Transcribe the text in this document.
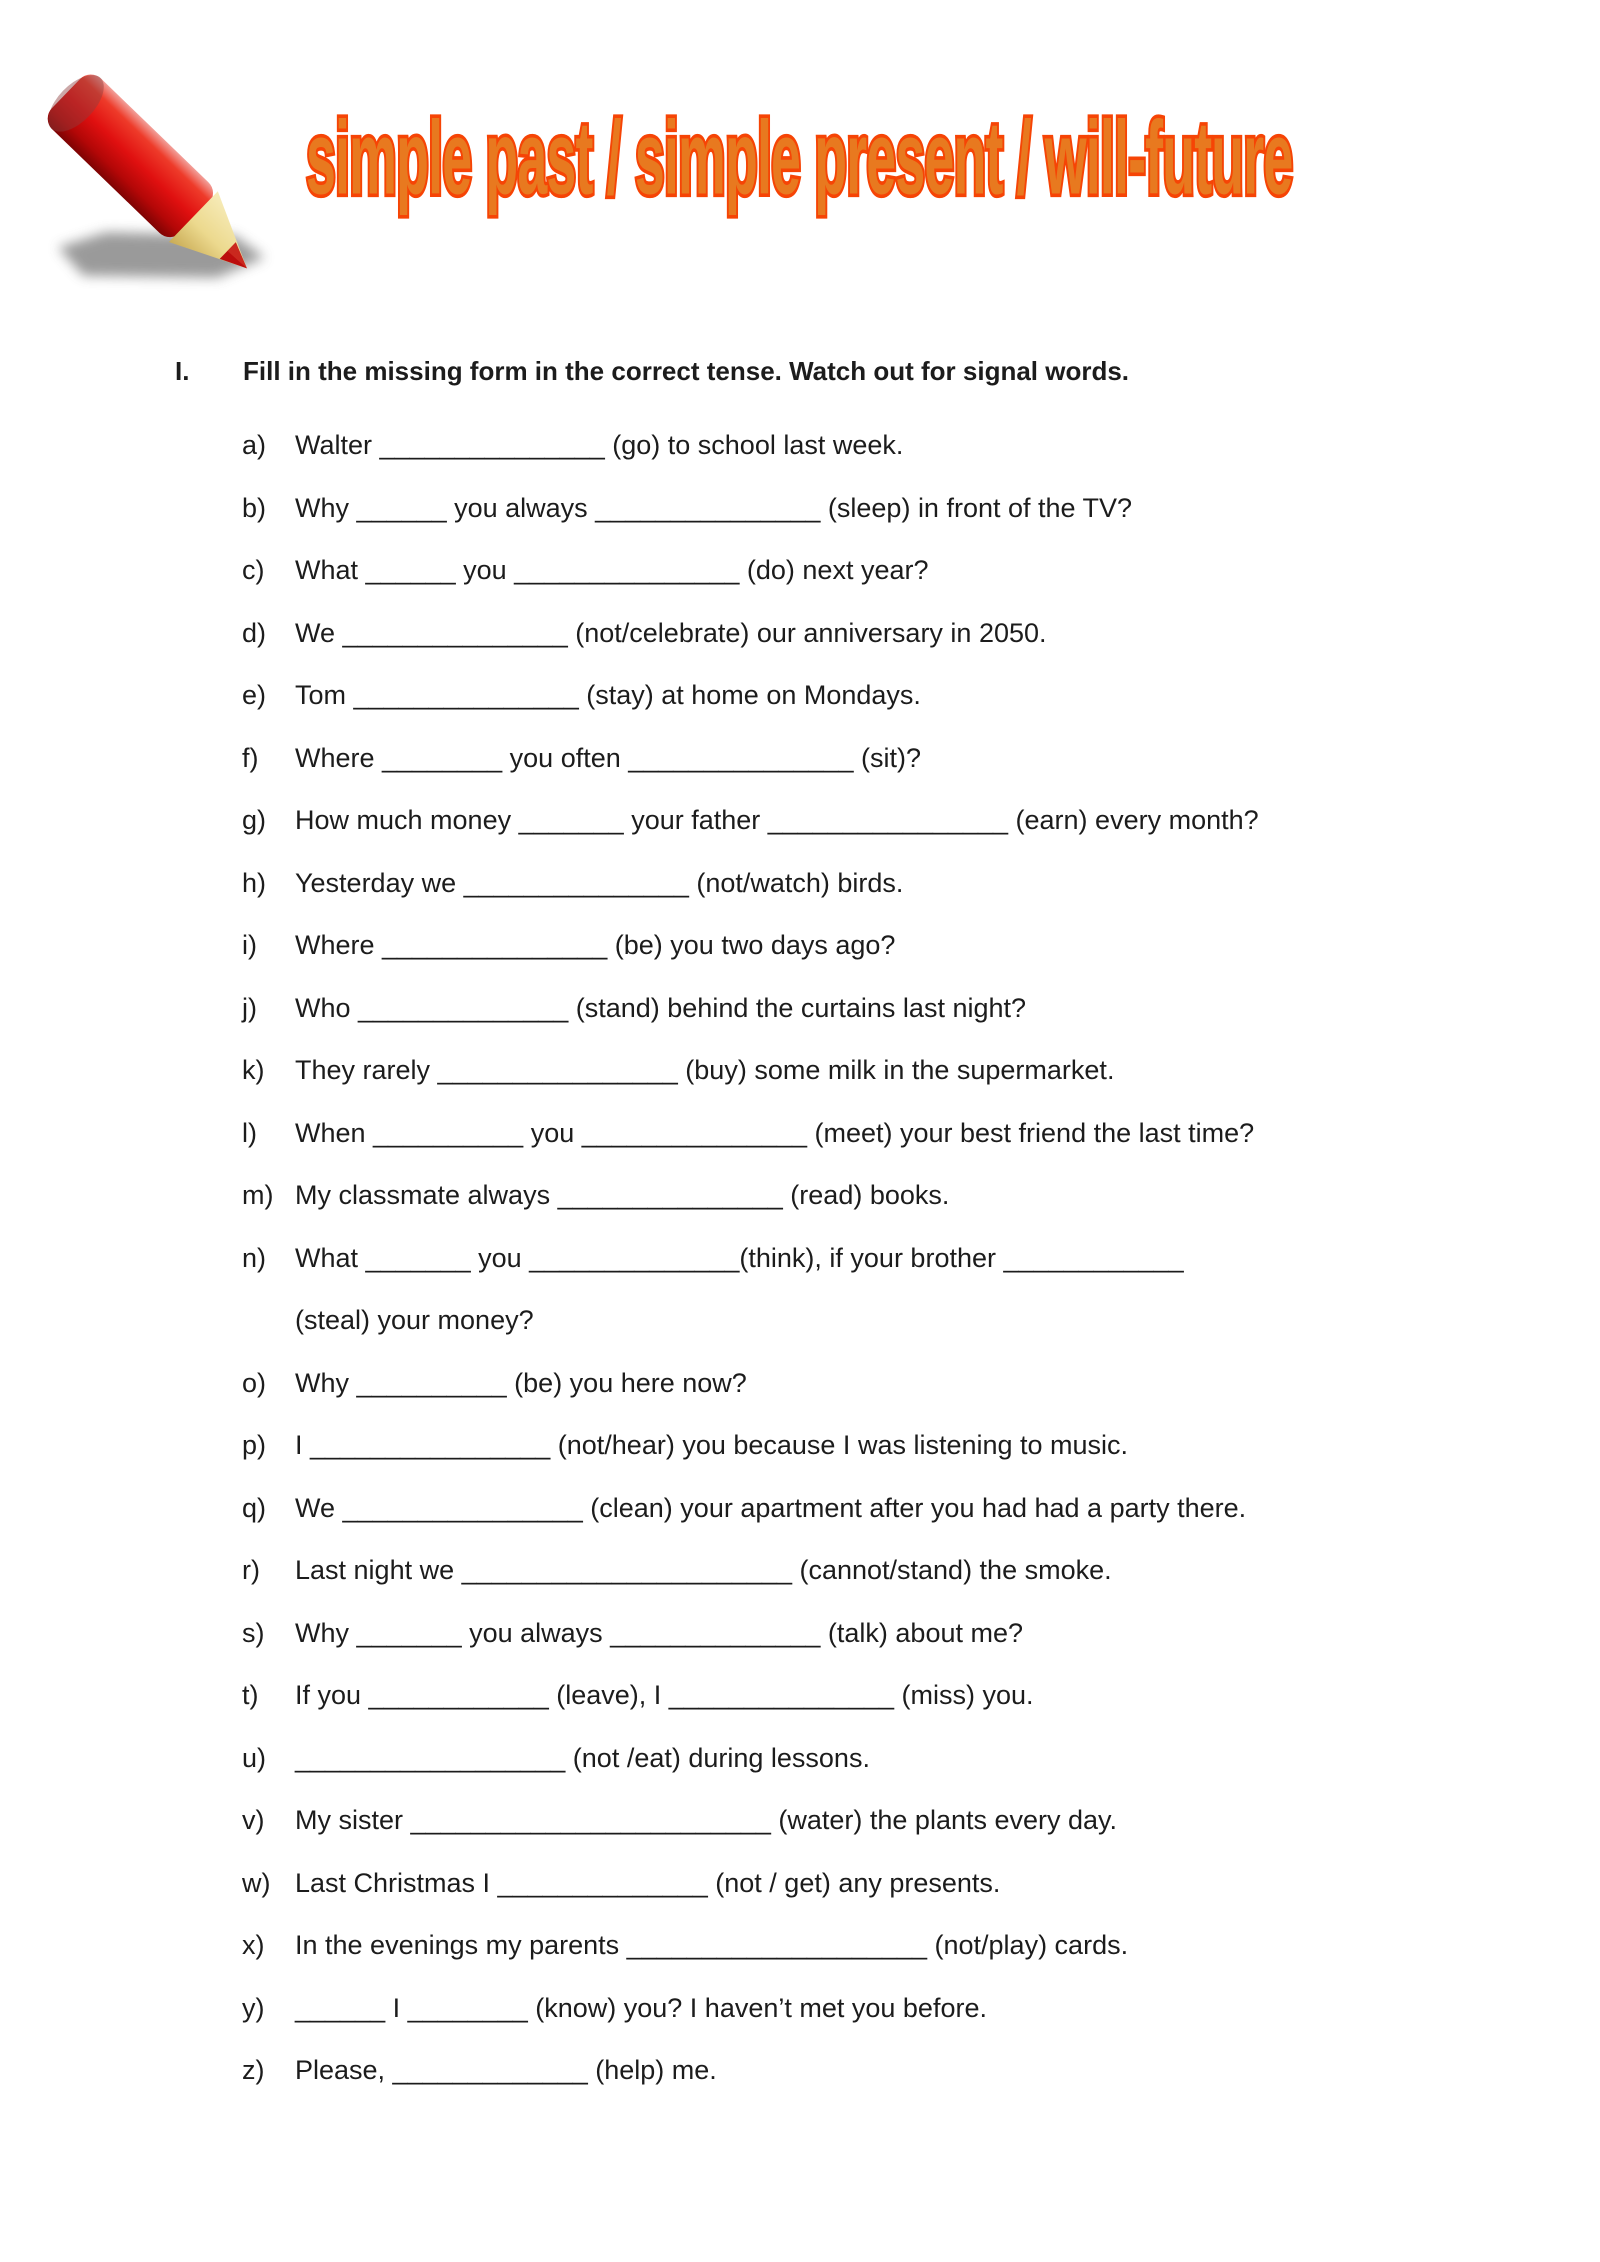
simple past / simple present / will-future
I. Fill in the missing form in the correct tense. Watch out for signal words.
a) Walter _______________ (go) to school last week.
b) Why ______ you always _______________ (sleep) in front of the TV?
c) What ______ you _______________ (do) next year?
d) We _______________ (not/celebrate) our anniversary in 2050.
e) Tom _______________ (stay) at home on Mondays.
f) Where ________ you often _______________ (sit)?
g) How much money _______ your father ________________ (earn) every month?
h) Yesterday we _______________ (not/watch) birds.
i) Where _______________ (be) you two days ago?
j) Who ______________ (stand) behind the curtains last night?
k) They rarely ________________ (buy) some milk in the supermarket.
l) When __________ you _______________ (meet) your best friend the last time?
m) My classmate always _______________ (read) books.
n) What _______ you ______________(think), if your brother ____________
(steal) your money?
o) Why __________ (be) you here now?
p) I ________________ (not/hear) you because I was listening to music.
q) We ________________ (clean) your apartment after you had had a party there.
r) Last night we ______________________ (cannot/stand) the smoke.
s) Why _______ you always ______________ (talk) about me?
t) If you ____________ (leave), I _______________ (miss) you.
u) __________________ (not /eat) during lessons.
v) My sister ________________________ (water) the plants every day.
w) Last Christmas I ______________ (not / get) any presents.
x) In the evenings my parents ____________________ (not/play) cards.
y) ______ I ________ (know) you? I haven’t met you before.
z) Please, _____________ (help) me.
